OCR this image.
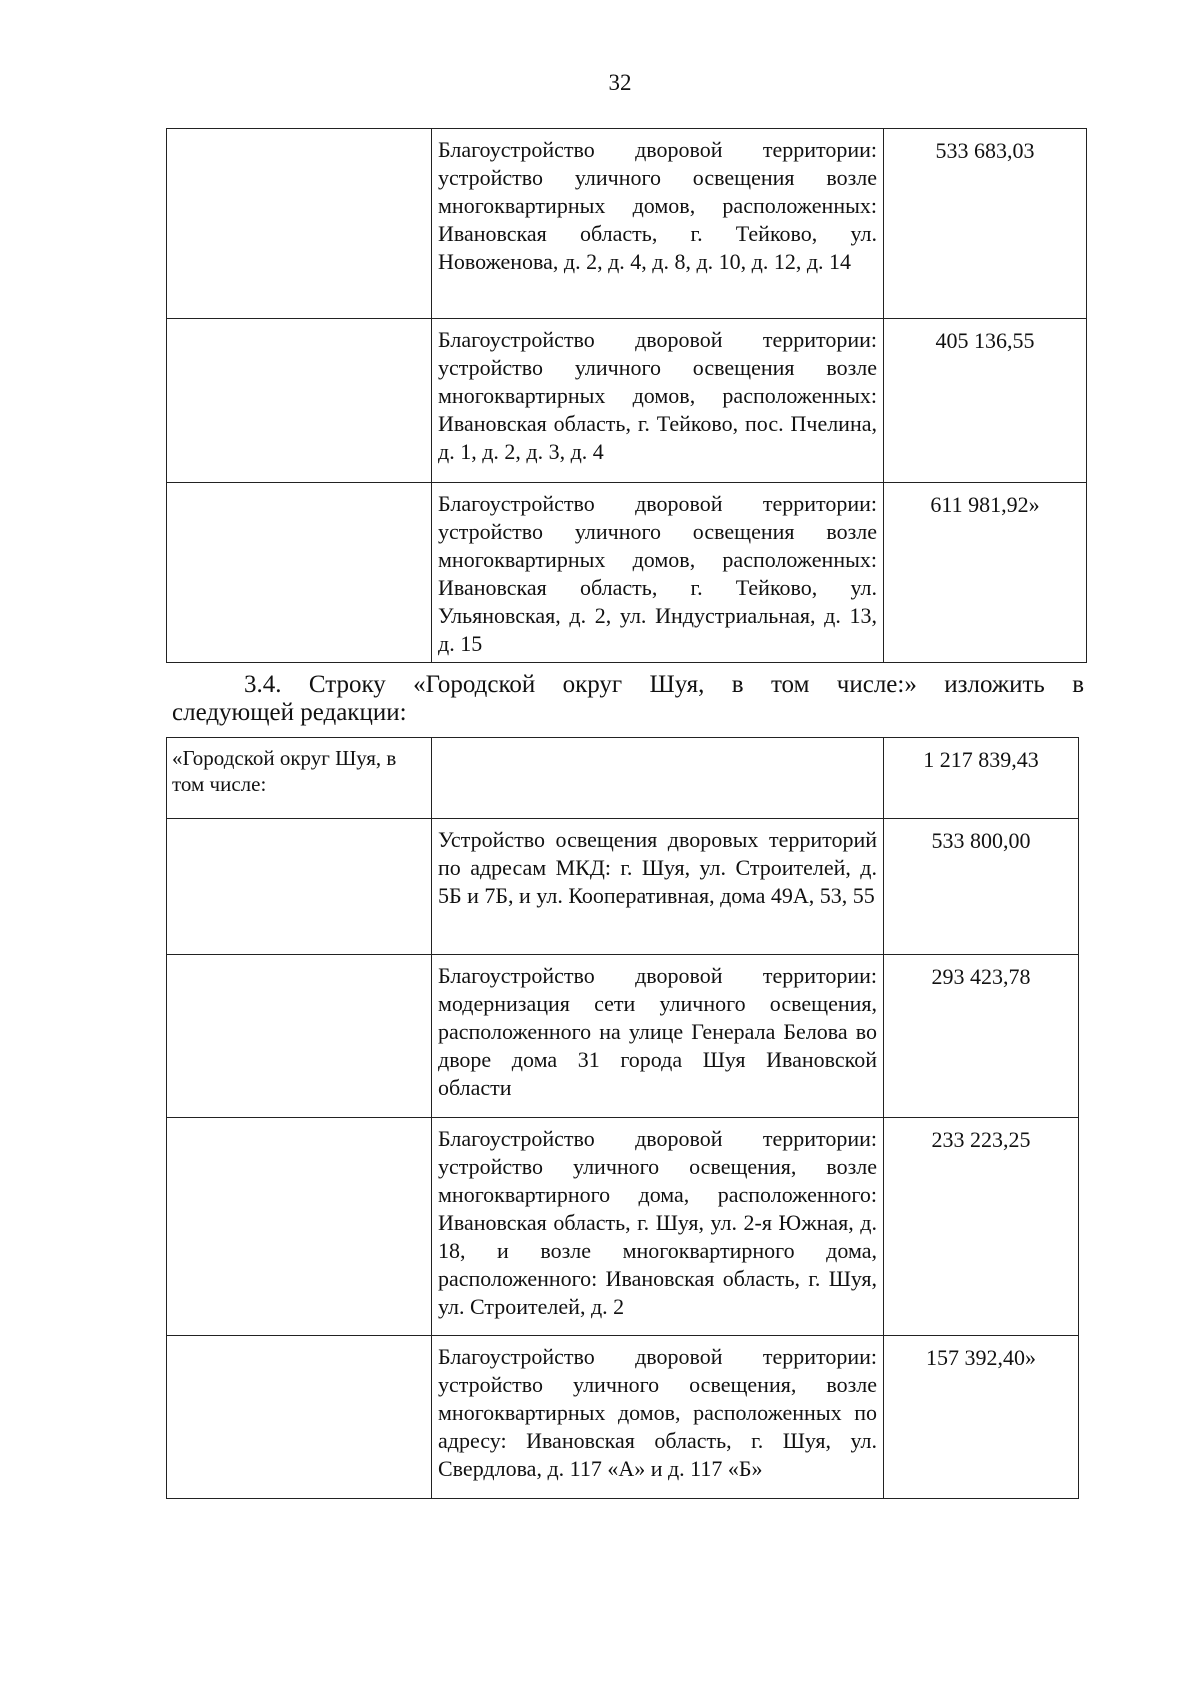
32
	Благоустройство дворовой территории: устройство уличного освещения возле многоквартирных домов, расположенных: Ивановская область, г. Тейково, ул. Новоженова, д. 2, д. 4, д. 8, д. 10, д. 12, д. 14	533 683,03
	Благоустройство дворовой территории: устройство уличного освещения возле многоквартирных домов, расположенных: Ивановская область, г. Тейково, пос. Пчелина, д. 1, д. 2, д. 3, д. 4	405 136,55
	Благоустройство дворовой территории: устройство уличного освещения возле многоквартирных домов, расположенных: Ивановская область, г. Тейково, ул. Ульяновская, д. 2, ул. Индустриальная, д. 13, д. 15	611 981,92»
3.4. Строку «Городской округ Шуя, в том числе:» изложить в
следующей редакции:
«Городской округ Шуя, в том числе:		1 217 839,43
	Устройство освещения дворовых территорий по адресам МКД: г. Шуя, ул. Строителей, д. 5Б и 7Б, и ул. Кооперативная, дома 49А, 53, 55	533 800,00
	Благоустройство дворовой территории: модернизация сети уличного освещения, расположенного на улице Генерала Белова во дворе дома 31 города Шуя Ивановской области	293 423,78
	Благоустройство дворовой территории: устройство уличного освещения, возле многоквартирного дома, расположенного: Ивановская область, г. Шуя, ул. 2-я Южная, д. 18, и возле многоквартирного дома, расположенного: Ивановская область, г. Шуя, ул. Строителей, д. 2	233 223,25
	Благоустройство дворовой территории: устройство уличного освещения, возле многоквартирных домов, расположенных по адресу: Ивановская область, г. Шуя, ул. Свердлова, д. 117 «А» и д. 117 «Б»	157 392,40»
